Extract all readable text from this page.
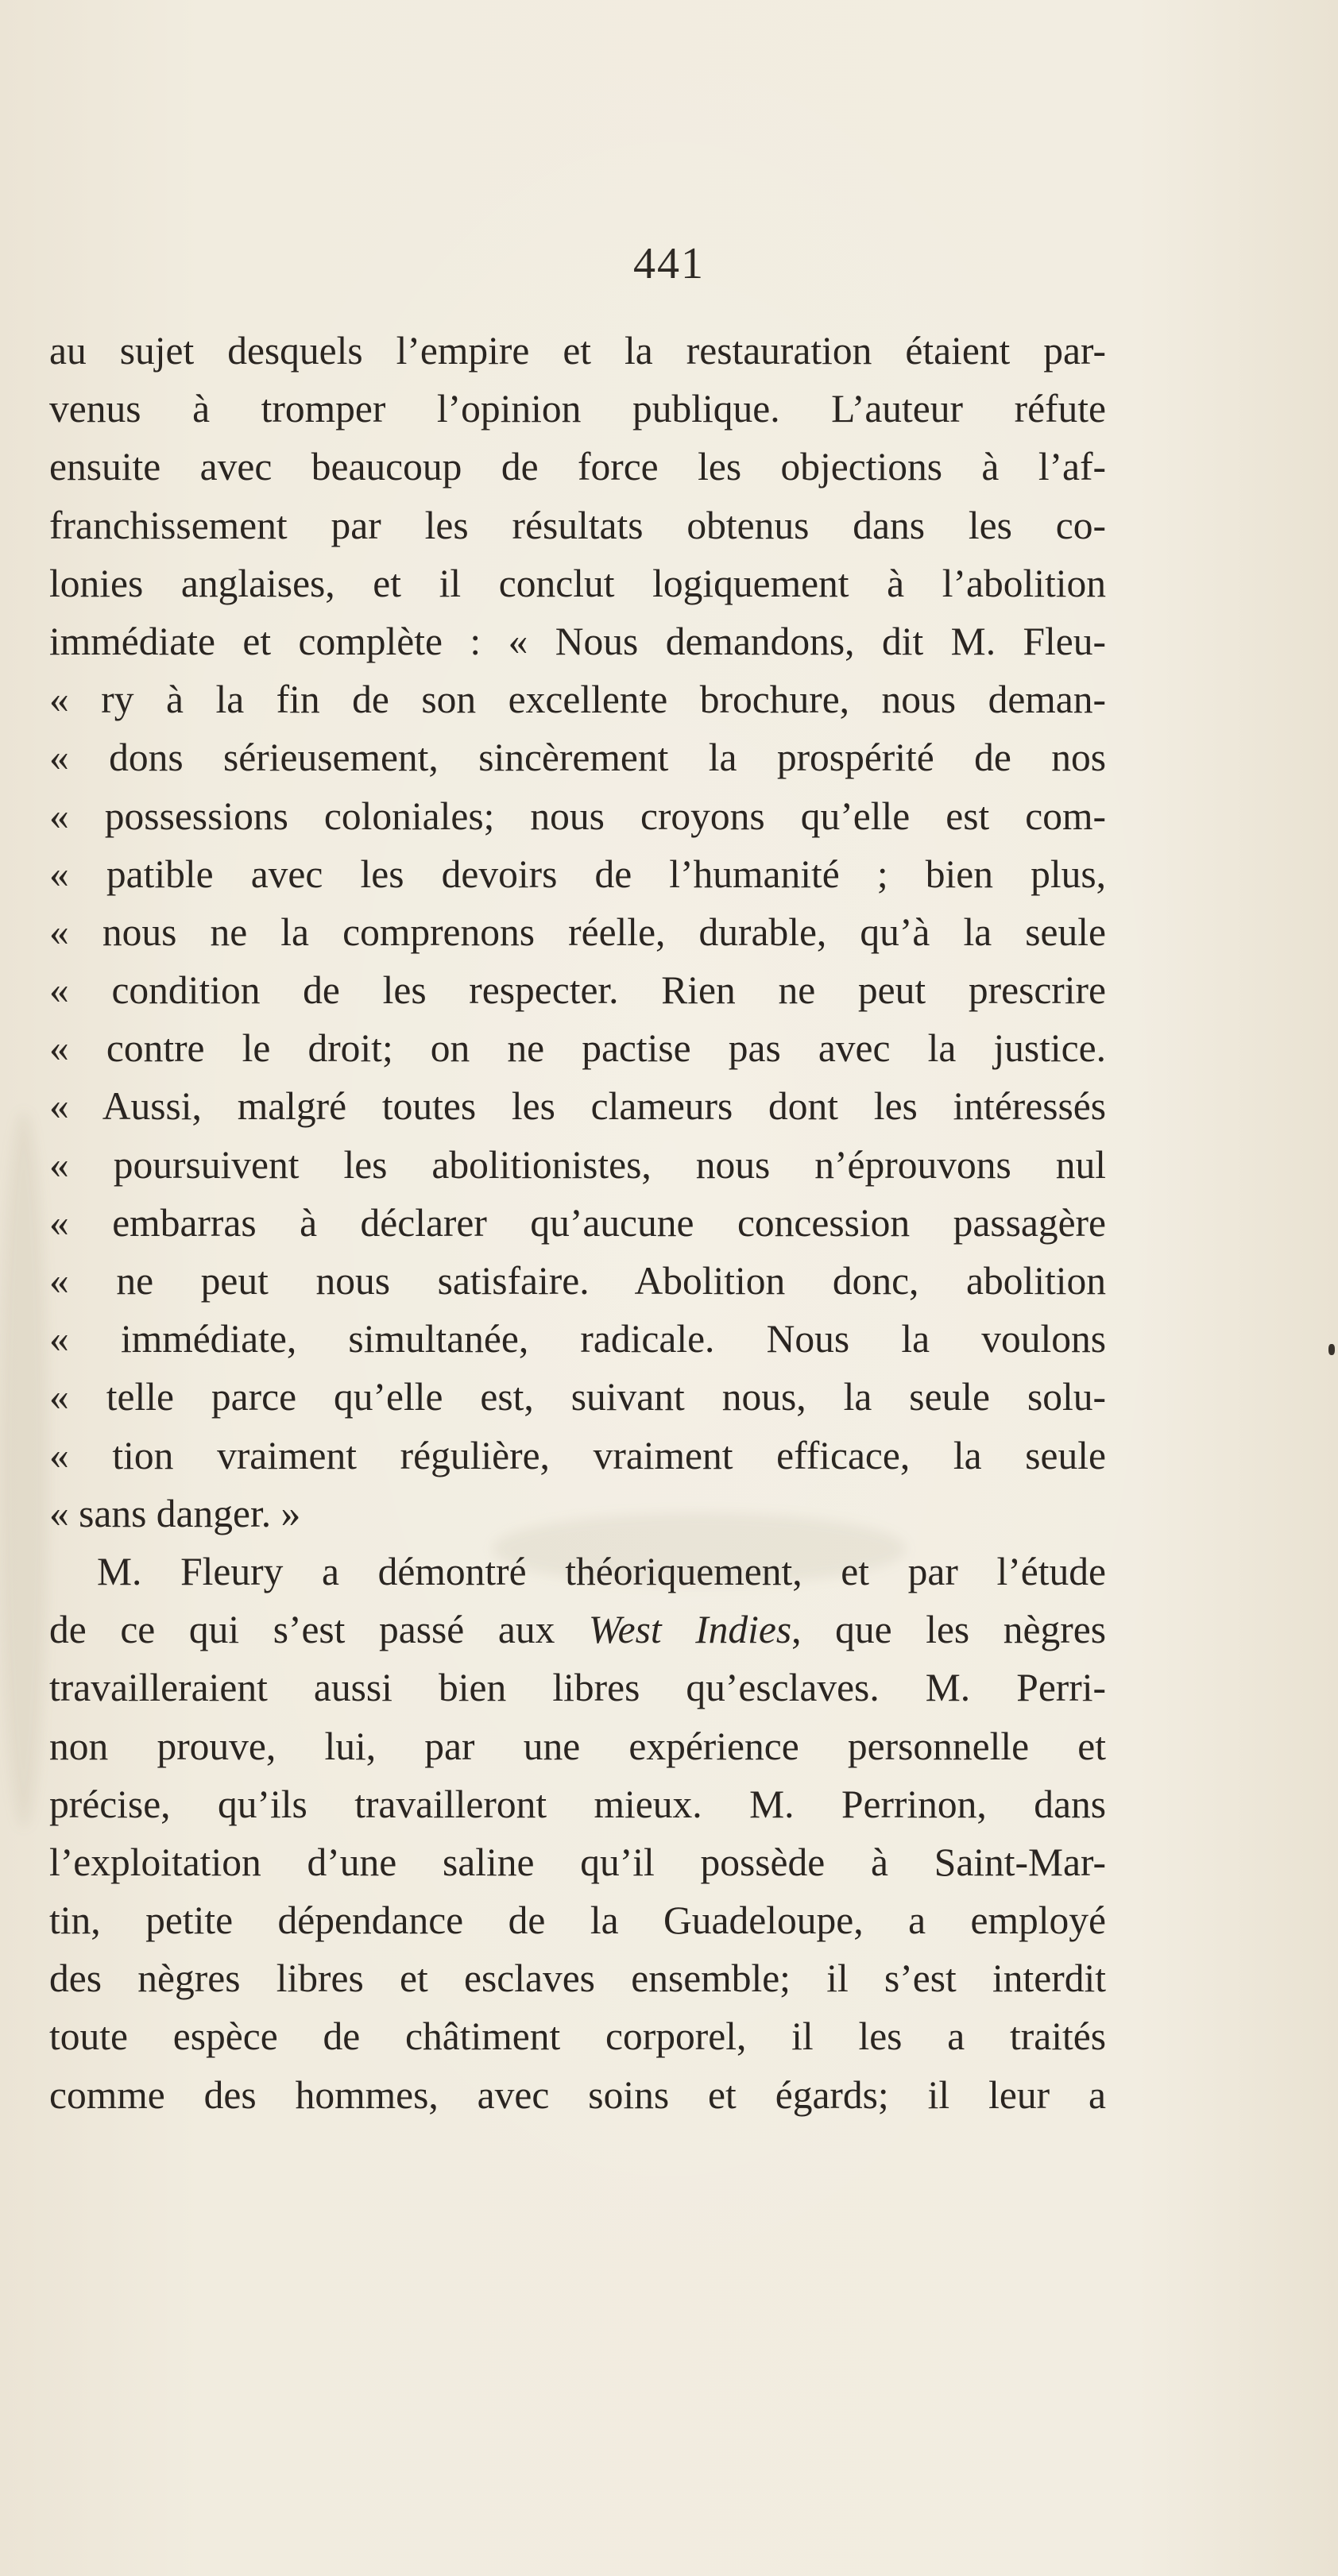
441
au sujet desquels l’empire et la restauration étaient par-
venus à tromper l’opinion publique. L’auteur réfute
ensuite avec beaucoup de force les objections à l’af-
franchissement par les résultats obtenus dans les co-
lonies anglaises, et il conclut logiquement à l’abolition
immédiate et complète : « Nous demandons, dit M. Fleu-
« ry à la fin de son excellente brochure, nous deman-
« dons sérieusement, sincèrement la prospérité de nos
« possessions coloniales; nous croyons qu’elle est com-
« patible avec les devoirs de l’humanité ; bien plus,
« nous ne la comprenons réelle, durable, qu’à la seule
« condition de les respecter. Rien ne peut prescrire
« contre le droit; on ne pactise pas avec la justice.
« Aussi, malgré toutes les clameurs dont les intéressés
« poursuivent les abolitionistes, nous n’éprouvons nul
« embarras à déclarer qu’aucune concession passagère
« ne peut nous satisfaire. Abolition donc, abolition
« immédiate, simultanée, radicale. Nous la voulons
« telle parce qu’elle est, suivant nous, la seule solu-
« tion vraiment régulière, vraiment efficace, la seule
« sans danger. »
M. Fleury a démontré théoriquement, et par l’étude
de ce qui s’est passé aux West Indies, que les nègres
travailleraient aussi bien libres qu’esclaves. M. Perri-
non prouve, lui, par une expérience personnelle et
précise, qu’ils travailleront mieux. M. Perrinon, dans
l’exploitation d’une saline qu’il possède à Saint-Mar-
tin, petite dépendance de la Guadeloupe, a employé
des nègres libres et esclaves ensemble; il s’est interdit
toute espèce de châtiment corporel, il les a traités
comme des hommes, avec soins et égards; il leur a
